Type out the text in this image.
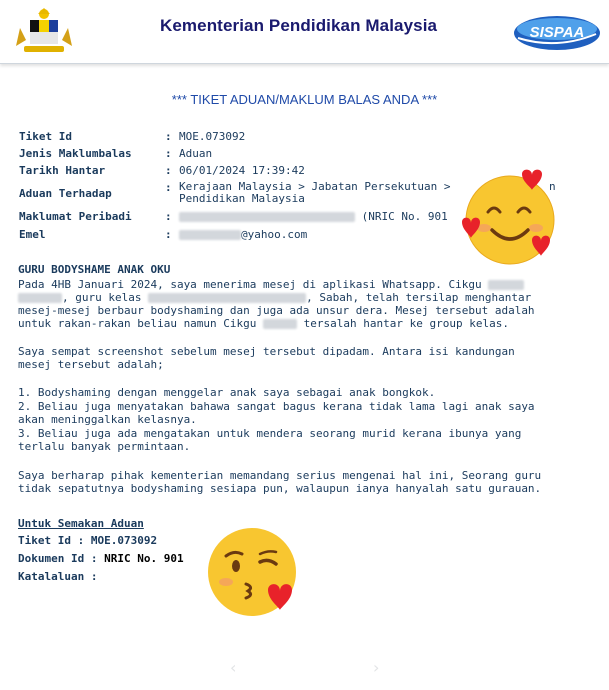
Kementerian Pendidikan Malaysia	SISPAA
*** TIKET ADUAN/MAKLUM BALAS ANDA ***
Tiket Id	: MOE.073092
Jenis Maklumbalas	: Aduan
Tarikh Hantar	: 06/01/2024 17:39:42
Aduan Terhadap	: Kerajaan Malaysia > Jabatan Persekutuan >	n
Pendidikan Malaysia
Maklumat Peribadi	:	(NRIC No. 901
Emel	:	@yahoo.com
GURU BODYSHAME ANAK OKU
Pada 4HB Januari 2024, saya menerima mesej di aplikasi Whatsapp. Cikgu
, guru kelas	, Sabah, telah tersilap menghantar
mesej-mesej berbaur bodyshaming dan juga ada unsur dera. Mesej tersebut adalah
untuk rakan-rakan beliau namun Cikgu	tersalah hantar ke group kelas.
Saya sempat screenshot sebelum mesej tersebut dipadam. Antara isi kandungan
mesej tersebut adalah;
1. Bodyshaming dengan menggelar anak saya sebagai anak bongkok.
2. Beliau juga menyatakan bahawa sangat bagus kerana tidak lama lagi anak saya
akan meninggalkan kelasnya.
3. Beliau juga ada mengatakan untuk mendera seorang murid kerana ibunya yang
terlalu banyak permintaan.
Saya berharap pihak kementerian memandang serius mengenai hal ini, Seorang guru
tidak sepatutnya bodyshaming sesiapa pun, walaupun ianya hanyalah satu gurauan.
Untuk Semakan Aduan
Tiket Id : MOE.073092
Dokumen Id : NRIC No. 901
Katalaluan :
‹	›
